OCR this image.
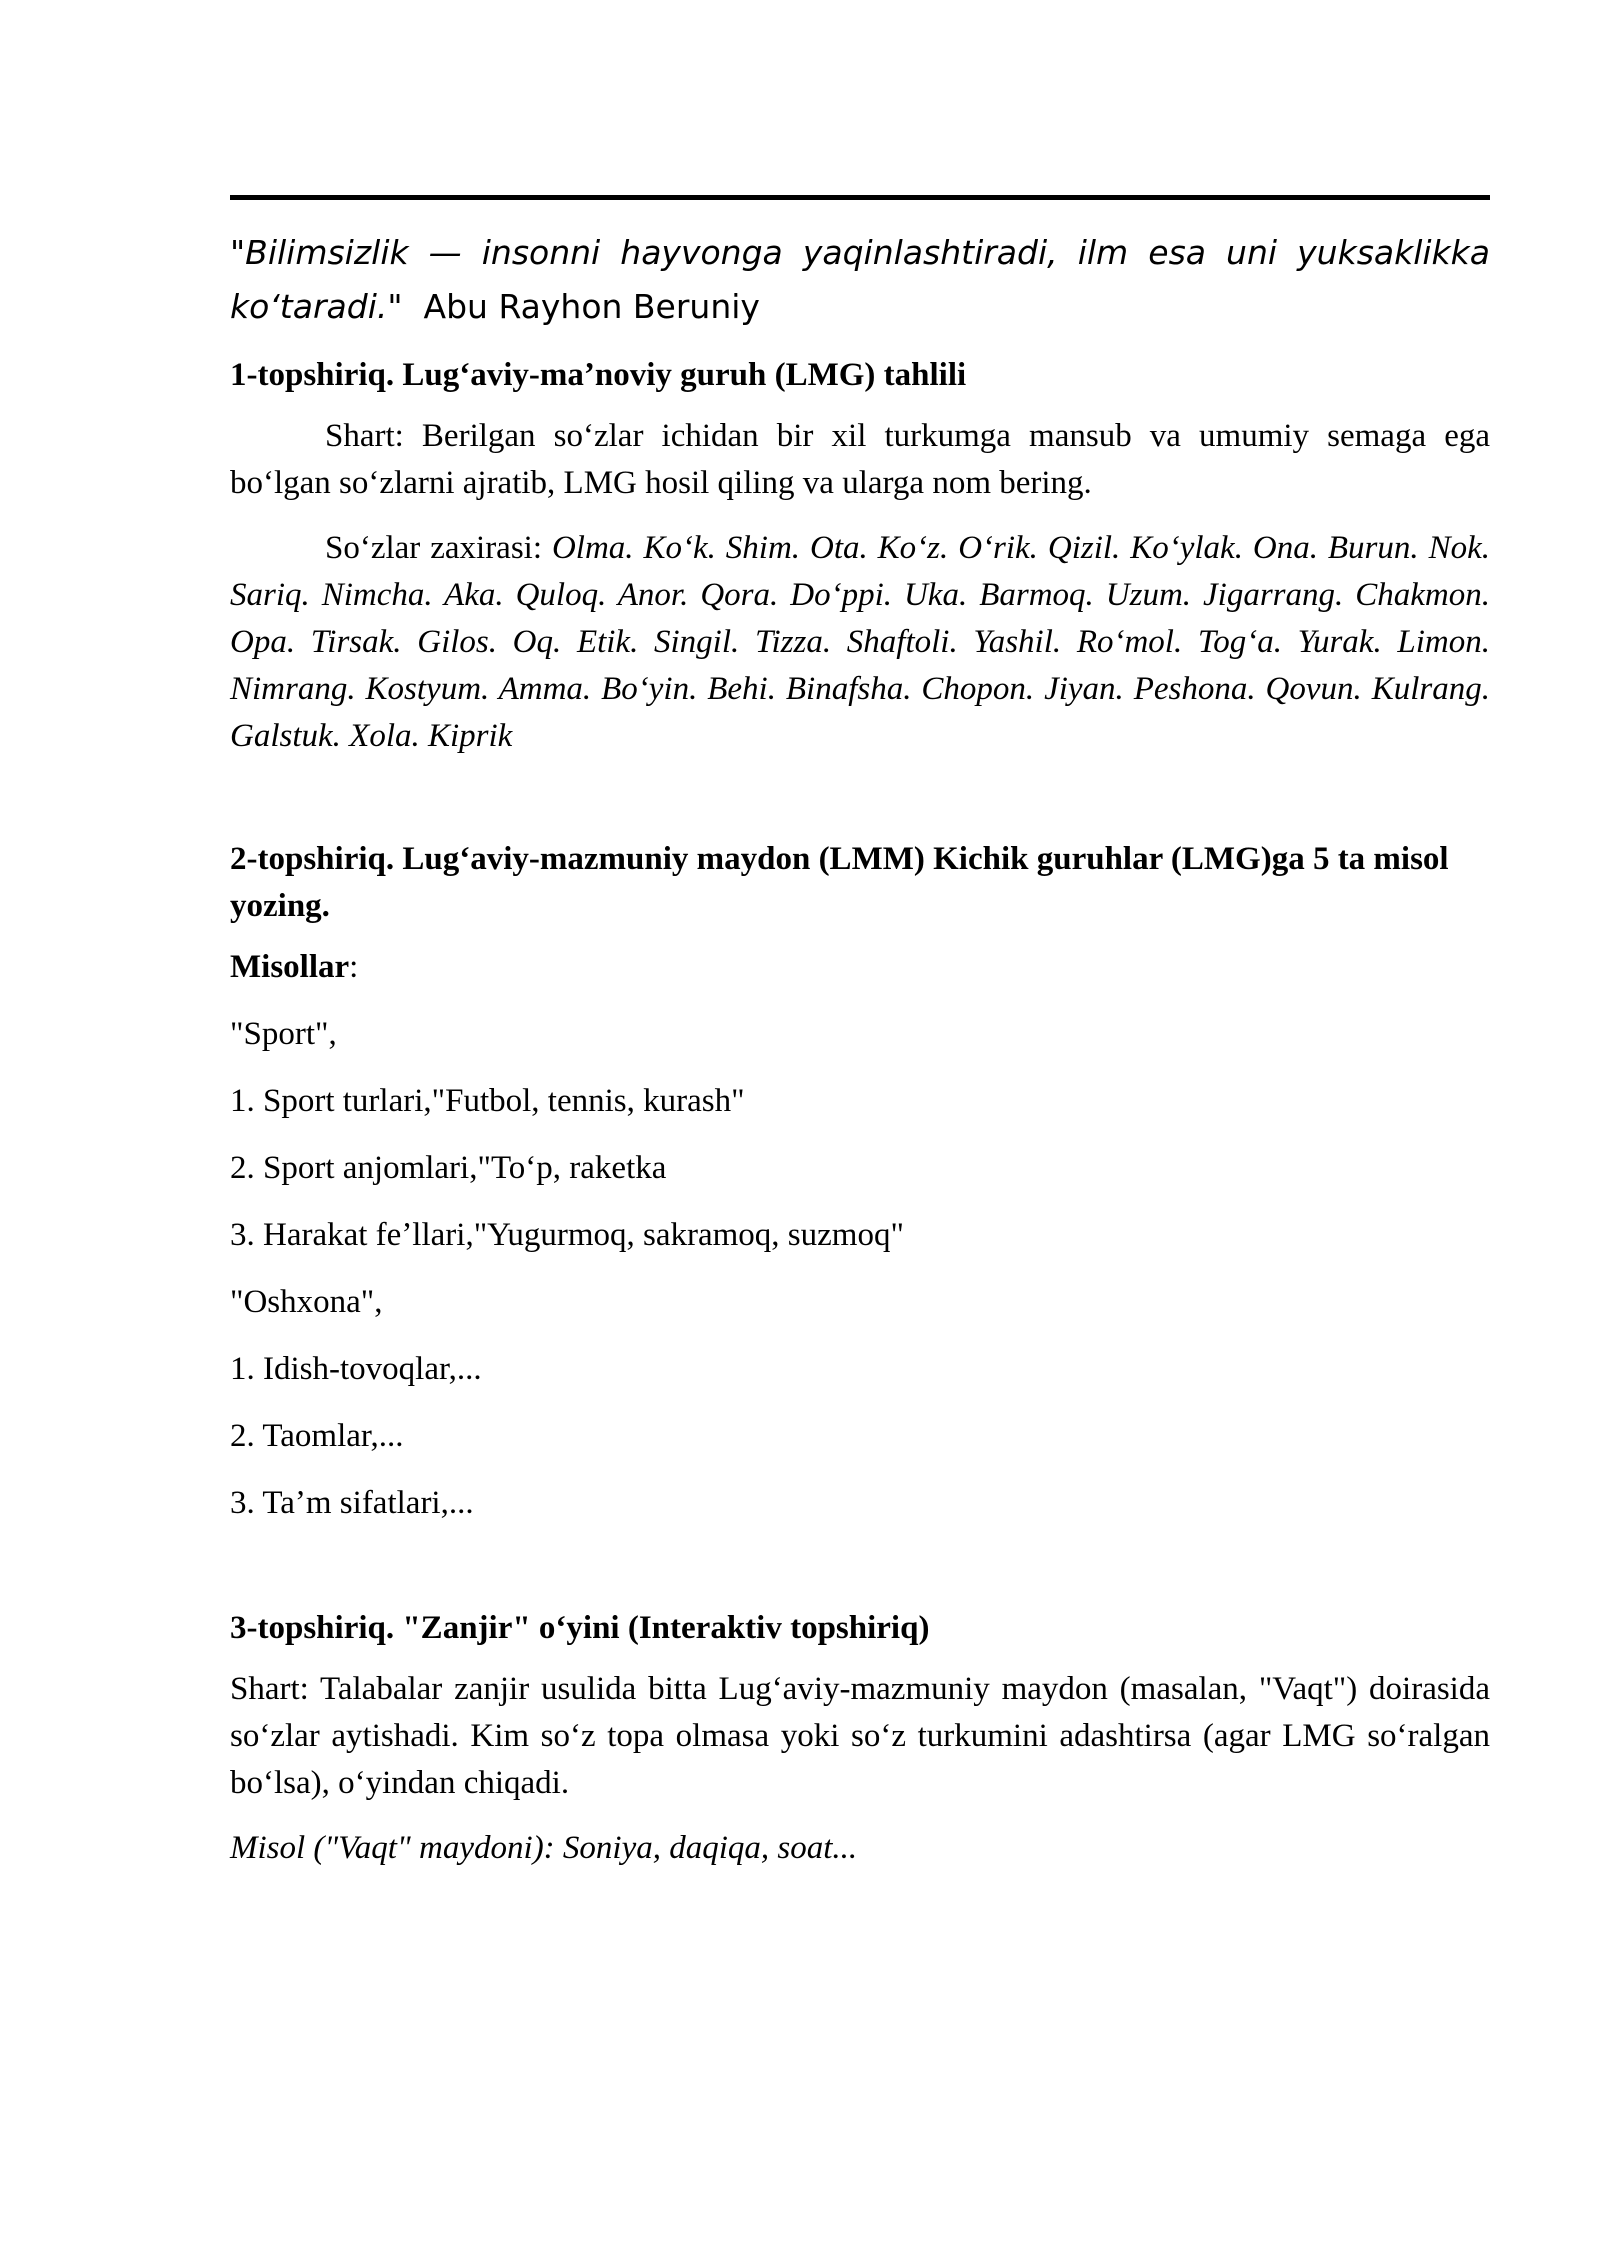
"Bilimsizlik — insonni hayvonga yaqinlashtiradi, ilm esa uni yuksaklikka koʻtaradi." Abu Rayhon Beruniy

1-topshiriq. Lugʻaviy-maʼnoviy guruh (LMG) tahlili

Shart: Berilgan soʻzlar ichidan bir xil turkumga mansub va umumiy semaga ega boʻlgan soʻzlarni ajratib, LMG hosil qiling va ularga nom bering.

Soʻzlar zaxirasi: Olma. Koʻk. Shim. Ota. Koʻz. Oʻrik. Qizil. Koʻylak. Ona. Burun. Nok. Sariq. Nimcha. Aka. Quloq. Anor. Qora. Doʻppi. Uka. Barmoq. Uzum. Jigarrang. Chakmon. Opa. Tirsak. Gilos. Oq. Etik. Singil. Tizza. Shaftoli. Yashil. Roʻmol. Togʻa. Yurak. Limon. Nimrang. Kostyum. Amma. Boʻyin. Behi. Binafsha. Chopon. Jiyan. Peshona. Qovun. Kulrang. Galstuk. Xola. Kiprik

2-topshiriq. Lugʻaviy-mazmuniy maydon (LMM) Kichik guruhlar (LMG)ga 5 ta misol yozing.

Misollar:

"Sport",

1. Sport turlari,"Futbol, tennis, kurash"

2. Sport anjomlari,"Toʻp, raketka

3. Harakat feʼllari,"Yugurmoq, sakramoq, suzmoq"

"Oshxona",

1. Idish-tovoqlar,...

2. Taomlar,...

3. Taʼm sifatlari,...

3-topshiriq. "Zanjir" oʻyini (Interaktiv topshiriq)

Shart: Talabalar zanjir usulida bitta Lugʻaviy-mazmuniy maydon (masalan, "Vaqt") doirasida soʻzlar aytishadi. Kim soʻz topa olmasa yoki soʻz turkumini adashtirsa (agar LMG soʻralgan boʻlsa), oʻyindan chiqadi.

Misol ("Vaqt" maydoni): Soniya, daqiqa, soat...
